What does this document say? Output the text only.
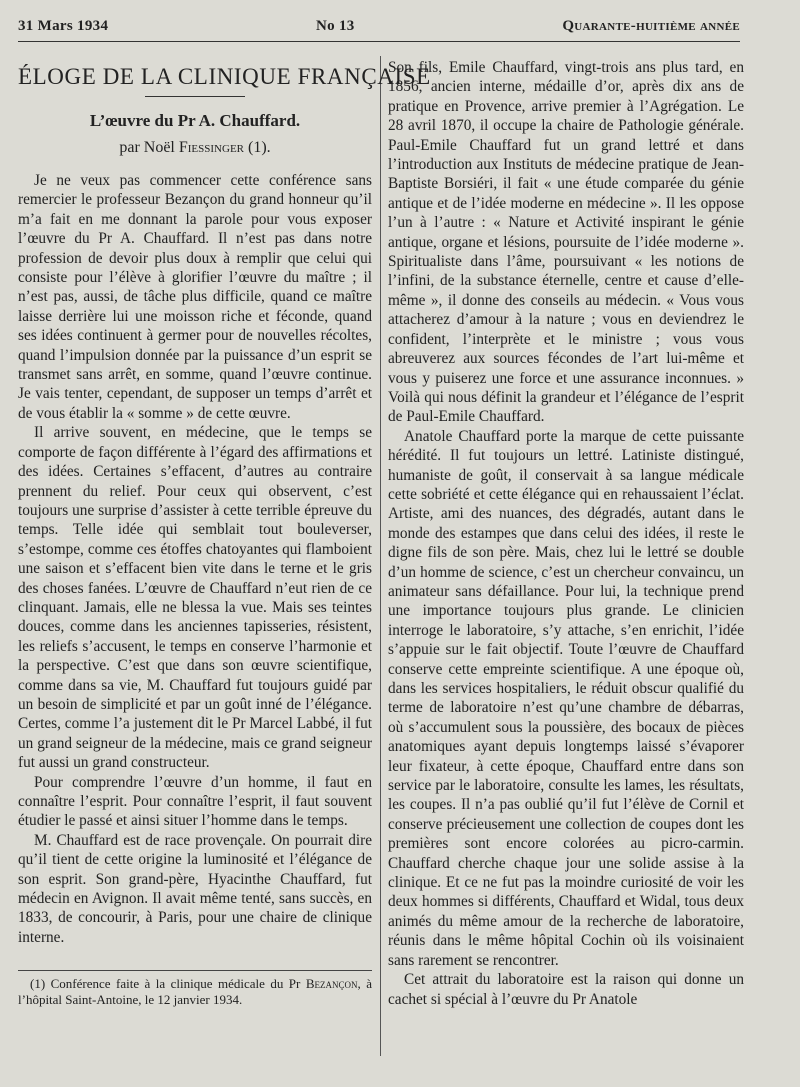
31 Mars 1934	No 13	Quarante-huitième année
ÉLOGE DE LA CLINIQUE FRANÇAISE
L’œuvre du Pr A. Chauffard.
par Noël Fiessinger (1).

Je ne veux pas commencer cette conférence sans remercier le professeur Bezançon du grand honneur qu’il m’a fait en me donnant la parole pour vous exposer l’œuvre du Pr A. Chauffard. Il n’est pas dans notre profession de devoir plus doux à remplir que celui qui consiste pour l’élève à glorifier l’œuvre du maître ; il n’est pas, aussi, de tâche plus difficile, quand ce maître laisse derrière lui une moisson riche et féconde, quand ses idées continuent à germer pour de nouvelles récoltes, quand l’impulsion donnée par la puissance d’un esprit se transmet sans arrêt, en somme, quand l’œuvre continue. Je vais tenter, cependant, de supposer un temps d’arrêt et de vous établir la « somme » de cette œuvre.

Il arrive souvent, en médecine, que le temps se comporte de façon différente à l’égard des affirmations et des idées. Certaines s’effacent, d’autres au contraire prennent du relief. Pour ceux qui observent, c’est toujours une surprise d’assister à cette terrible épreuve du temps. Telle idée qui semblait tout bouleverser, s’estompe, comme ces étoffes chatoyantes qui flamboient une saison et s’effacent bien vite dans le terne et le gris des choses fanées. L’œuvre de Chauffard n’eut rien de ce clinquant. Jamais, elle ne blessa la vue. Mais ses teintes douces, comme dans les anciennes tapisseries, résistent, les reliefs s’accusent, le temps en conserve l’harmonie et la perspective. C’est que dans son œuvre scientifique, comme dans sa vie, M. Chauffard fut toujours guidé par un besoin de simplicité et par un goût inné de l’élégance. Certes, comme l’a justement dit le Pr Marcel Labbé, il fut un grand seigneur de la médecine, mais ce grand seigneur fut aussi un grand constructeur.

Pour comprendre l’œuvre d’un homme, il faut en connaître l’esprit. Pour connaître l’esprit, il faut souvent étudier le passé et ainsi situer l’homme dans le temps.

M. Chauffard est de race provençale. On pourrait dire qu’il tient de cette origine la luminosité et l’élégance de son esprit. Son grand-père, Hyacinthe Chauffard, fut médecin en Avignon. Il avait même tenté, sans succès, en 1833, de concourir, à Paris, pour une chaire de clinique interne.

Son fils, Emile Chauffard, vingt-trois ans plus tard, en 1856, ancien interne, médaille d’or, après dix ans de pratique en Provence, arrive premier à l’Agrégation. Le 28 avril 1870, il occupe la chaire de Pathologie générale. Paul-Emile Chauffard fut un grand lettré et dans l’introduction aux Instituts de médecine pratique de Jean-Baptiste Borsiéri, il fait « une étude comparée du génie antique et de l’idée moderne en médecine ». Il les oppose l’un à l’autre : « Nature et Activité inspirant le génie antique, organe et lésions, poursuite de l’idée moderne ». Spiritualiste dans l’âme, poursuivant « les notions de l’infini, de la substance éternelle, centre et cause d’elle-même », il donne des conseils au médecin. « Vous vous attacherez d’amour à la nature ; vous en deviendrez le confident, l’interprète et le ministre ; vous vous abreuverez aux sources fécondes de l’art lui-même et vous y puiserez une force et une assurance inconnues. » Voilà qui nous définit la grandeur et l’élégance de l’esprit de Paul-Emile Chauffard.

Anatole Chauffard porte la marque de cette puissante hérédité. Il fut toujours un lettré. Latiniste distingué, humaniste de goût, il conservait à sa langue médicale cette sobriété et cette élégance qui en rehaussaient l’éclat. Artiste, ami des nuances, des dégradés, autant dans le monde des estampes que dans celui des idées, il reste le digne fils de son père. Mais, chez lui le lettré se double d’un homme de science, c’est un chercheur convaincu, un animateur sans défaillance. Pour lui, la technique prend une importance toujours plus grande. Le clinicien interroge le laboratoire, s’y attache, s’en enrichit, l’idée s’appuie sur le fait objectif. Toute l’œuvre de Chauffard conserve cette empreinte scientifique. A une époque où, dans les services hospitaliers, le réduit obscur qualifié du terme de laboratoire n’est qu’une chambre de débarras, où s’accumulent sous la poussière, des bocaux de pièces anatomiques ayant depuis longtemps laissé s’évaporer leur fixateur, à cette époque, Chauffard entre dans son service par le laboratoire, consulte les lames, les résultats, les coupes. Il n’a pas oublié qu’il fut l’élève de Cornil et conserve précieusement une collection de coupes dont les premières sont encore colorées au picro-carmin. Chauffard cherche chaque jour une solide assise à la clinique. Et ce ne fut pas la moindre curiosité de voir les deux hommes si différents, Chauffard et Widal, tous deux animés du même amour de la recherche de laboratoire, réunis dans le même hôpital Cochin où ils voisinaient sans rarement se rencontrer.

Cet attrait du laboratoire est la raison qui donne un cachet si spécial à l’œuvre du Pr Anatole

(1) Conférence faite à la clinique médicale du Pr Bezançon, à l’hôpital Saint-Antoine, le 12 janvier 1934.
